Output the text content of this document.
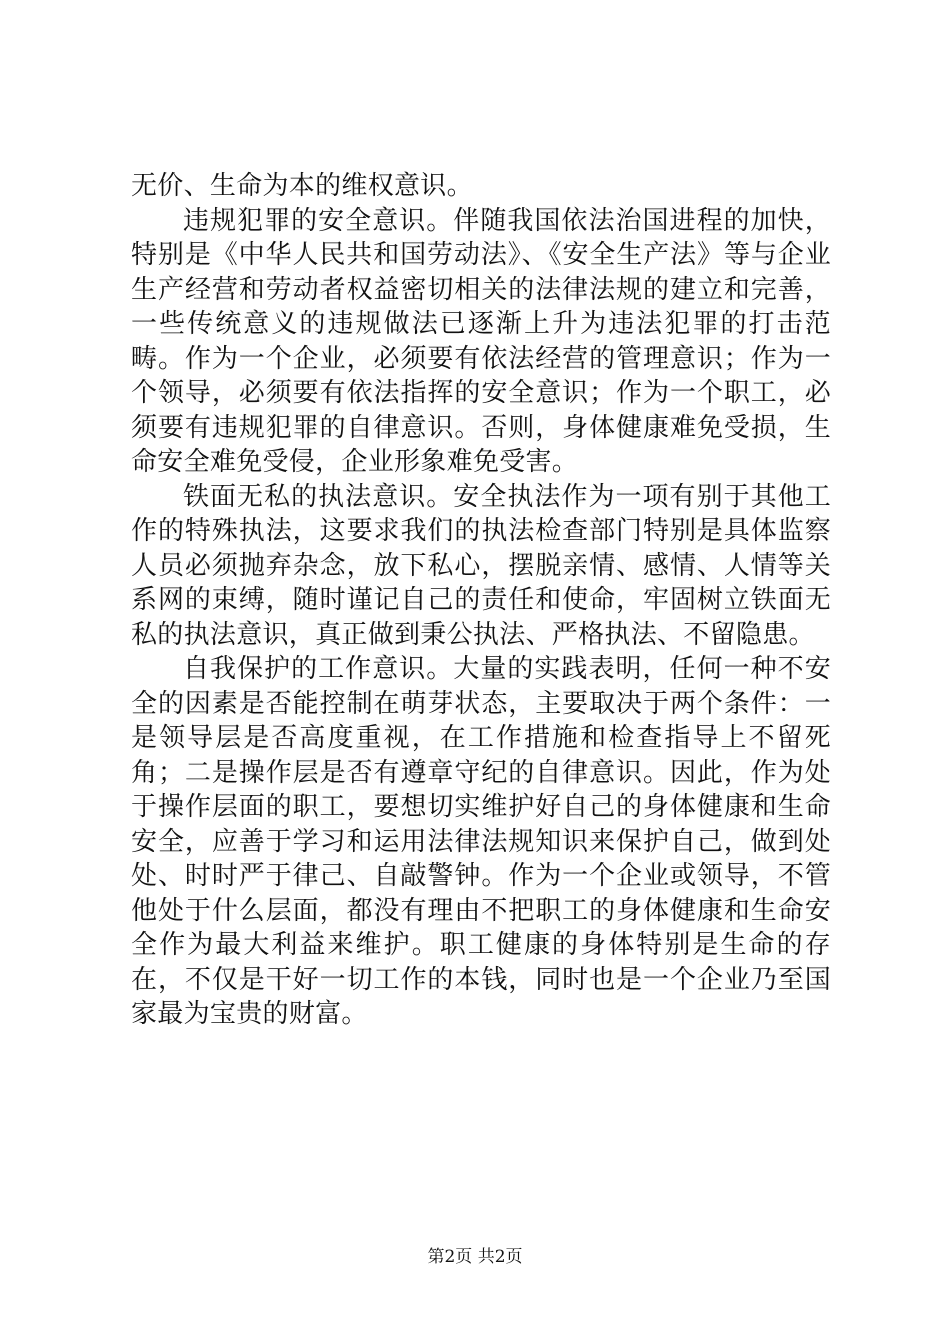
无价、生命为本的维权意识。

违规犯罪的安全意识。伴随我国依法治国进程的加快，特别是《中华人民共和国劳动法》、《安全生产法》等与企业生产经营和劳动者权益密切相关的法律法规的建立和完善，一些传统意义的违规做法已逐渐上升为违法犯罪的打击范畴。作为一个企业，必须要有依法经营的管理意识；作为一个领导，必须要有依法指挥的安全意识；作为一个职工，必须要有违规犯罪的自律意识。否则，身体健康难免受损，生命安全难免受侵，企业形象难免受害。

铁面无私的执法意识。安全执法作为一项有别于其他工作的特殊执法，这要求我们的执法检查部门特别是具体监察人员必须抛弃杂念，放下私心，摆脱亲情、感情、人情等关系网的束缚，随时谨记自己的责任和使命，牢固树立铁面无私的执法意识，真正做到秉公执法、严格执法、不留隐患。

自我保护的工作意识。大量的实践表明，任何一种不安全的因素是否能控制在萌芽状态，主要取决于两个条件：一是领导层是否高度重视，在工作措施和检查指导上不留死角；二是操作层是否有遵章守纪的自律意识。因此，作为处于操作层面的职工，要想切实维护好自己的身体健康和生命安全，应善于学习和运用法律法规知识来保护自己，做到处处、时时严于律己、自敲警钟。作为一个企业或领导，不管他处于什么层面，都没有理由不把职工的身体健康和生命安全作为最大利益来维护。职工健康的身体特别是生命的存在，不仅是干好一切工作的本钱，同时也是一个企业乃至国家最为宝贵的财富。

第2页 共2页
